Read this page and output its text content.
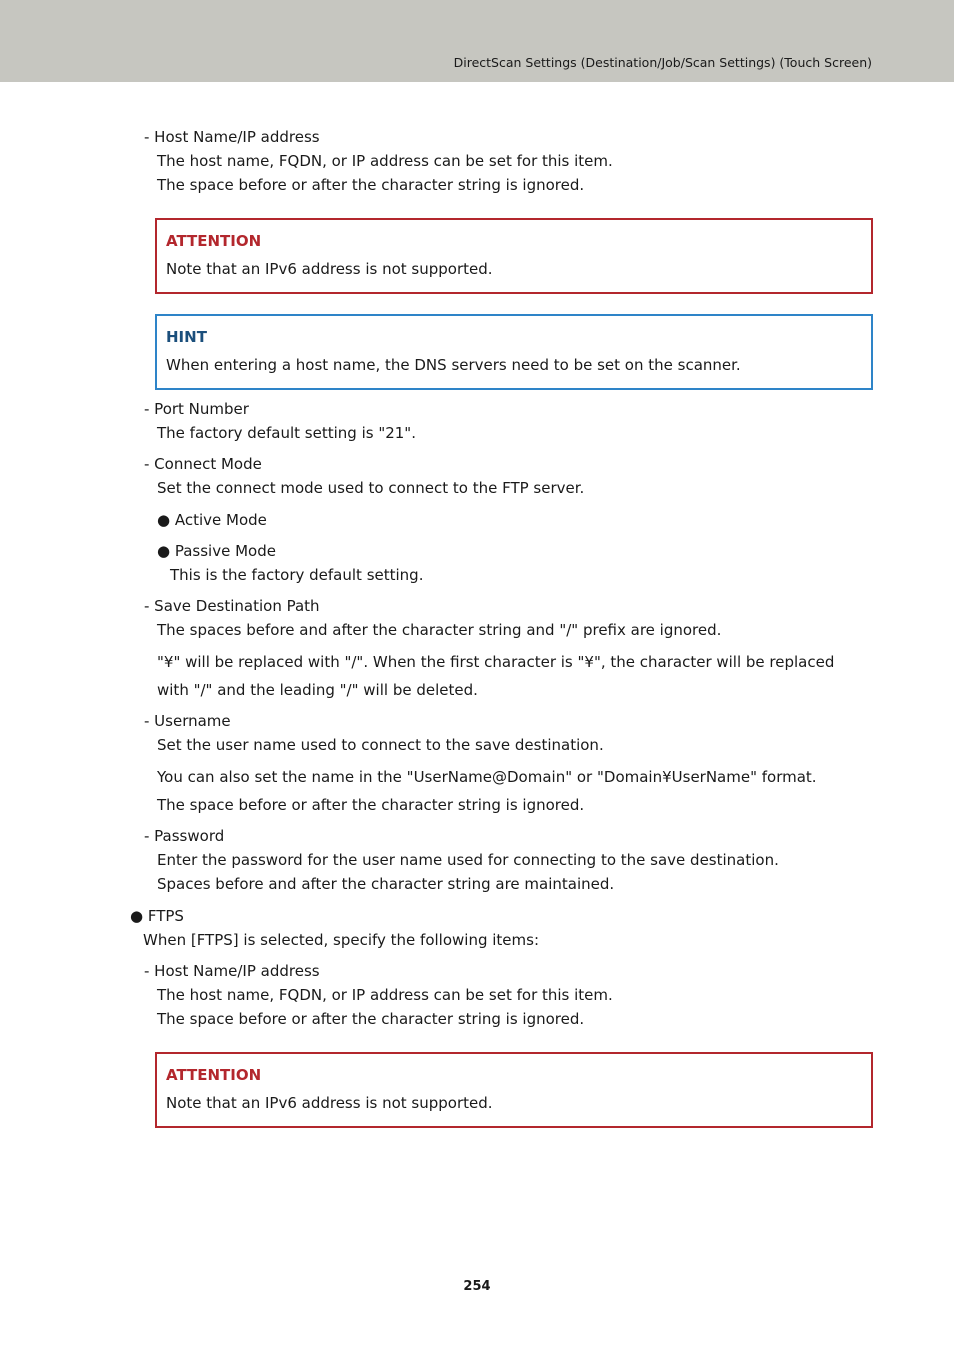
DirectScan Settings (Destination/Job/Scan Settings) (Touch Screen)
- Host Name/IP address
The host name, FQDN, or IP address can be set for this item.
The space before or after the character string is ignored.
ATTENTION
Note that an IPv6 address is not supported.
HINT
When entering a host name, the DNS servers need to be set on the scanner.
- Port Number
The factory default setting is "21".
- Connect Mode
Set the connect mode used to connect to the FTP server.
● Active Mode
● Passive Mode
This is the factory default setting.
- Save Destination Path
The spaces before and after the character string and "/" prefix are ignored.
"¥" will be replaced with "/". When the first character is "¥", the character will be replaced
with "/" and the leading "/" will be deleted.
- Username
Set the user name used to connect to the save destination.
You can also set the name in the "UserName@Domain" or "Domain¥UserName" format.
The space before or after the character string is ignored.
- Password
Enter the password for the user name used for connecting to the save destination.
Spaces before and after the character string are maintained.
● FTPS
When [FTPS] is selected, specify the following items:
- Host Name/IP address
The host name, FQDN, or IP address can be set for this item.
The space before or after the character string is ignored.
ATTENTION
Note that an IPv6 address is not supported.
254
